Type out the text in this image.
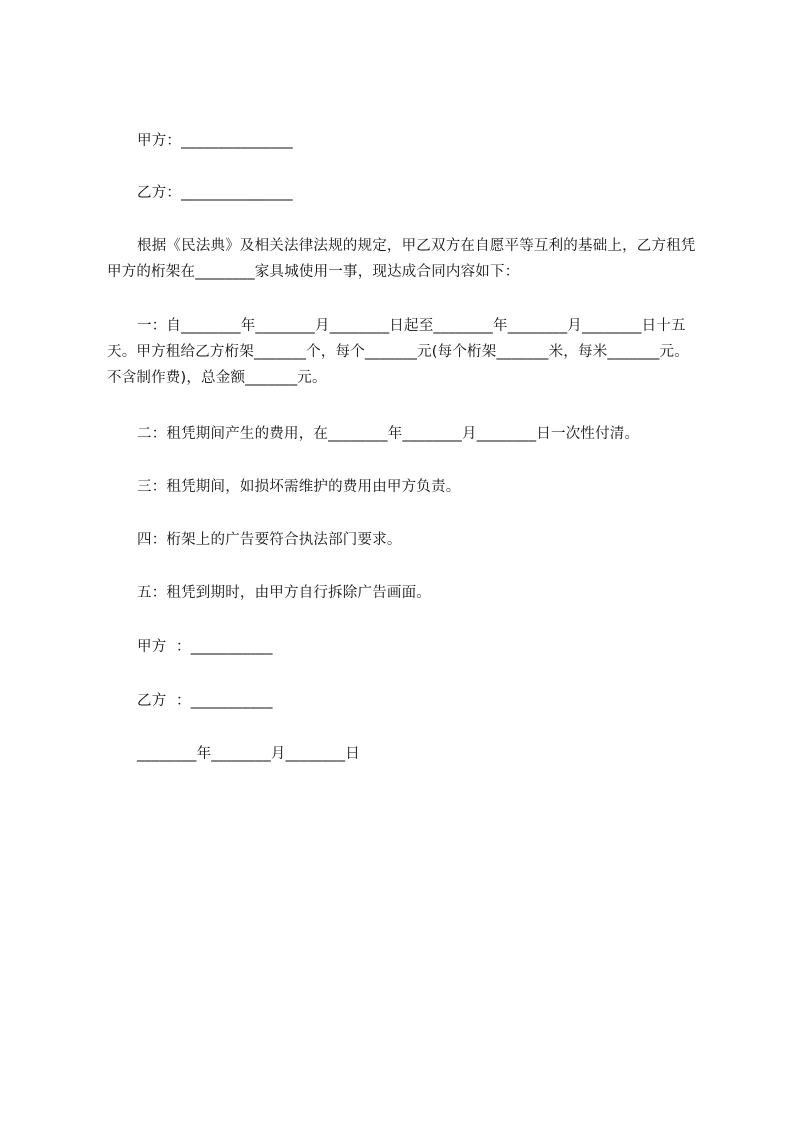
甲方：_______________
乙方：_______________
根据《民法典》及相关法律法规的规定，甲乙双方在自愿平等互利的基础上，乙方租凭甲方的桁架在________家具城使用一事，现达成合同内容如下：
一：自________年________月________日起至________年________月________日十五天。甲方租给乙方桁架_______个，每个_______元(每个桁架_______米，每米_______元。不含制作费)，总金额_______元。
二：租凭期间产生的费用，在________年________月________日一次性付清。
三：租凭期间，如损坏需维护的费用由甲方负责。
四：桁架上的广告要符合执法部门要求。
五：租凭到期时，由甲方自行拆除广告画面。
甲方  ：___________
乙方  ：___________
________年________月________日
